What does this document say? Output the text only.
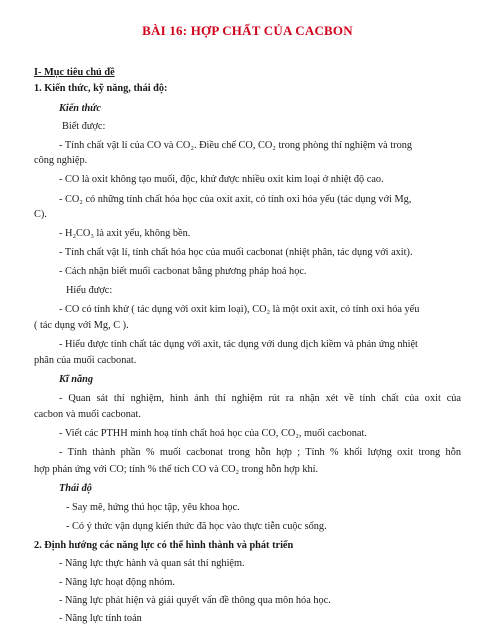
BÀI 16: HỢP CHẤT CỦA CACBON
I- Mục tiêu chủ đề
1. Kiến thức, kỹ năng, thái độ:
Kiến thức
Biết được:
- Tính chất vật lí của CO và CO₂. Điều chế CO, CO₂ trong phòng thí nghiệm và trong
công nghiệp.
- CO là oxit không tạo muối, độc, khử được nhiều oxit kim loại ở nhiệt độ cao.
- CO₂ có những tính chất hóa học của oxit axit, có tính oxi hóa yếu (tác dụng với Mg,
C).
- H₂CO₃ là axit yếu, không bền.
- Tính chất vật lí, tính chất hóa học của muối cacbonat (nhiệt phân, tác dụng với axit).
- Cách nhận biết muối cacbonat bằng phương pháp hoá học.
Hiểu được:
- CO có tính khử ( tác dụng với oxit kim loại), CO₂ là một oxit axit, có tính oxi hóa yếu
( tác dụng với Mg, C ).
- Hiểu được tính chất tác dụng với axit, tác dụng với dung dịch kiềm và phản ứng nhiệt
phân của muối cacbonat.
Kĩ năng
- Quan sát thí nghiệm, hình ảnh thí nghiệm rút ra nhận xét về tính chất của oxit của
cacbon và muối cacbonat.
- Viết các PTHH minh hoạ tính chất hoá học của CO, CO₂, muối cacbonat.
- Tính thành phần % muối cacbonat trong hỗn hợp ; Tính % khối lượng oxit trong hỗn
hợp phản ứng với CO; tính % thể tích CO và CO₂ trong hỗn hợp khí.
Thái độ
- Say mê, hứng thú học tập, yêu khoa học.
- Có ý thức vận dụng kiến thức đã học vào thực tiễn cuộc sống.
2. Định hướng các năng lực có thể hình thành và phát triển
- Năng lực thực hành và quan sát thí nghiệm.
- Năng lực hoạt động nhóm.
- Năng lực phát hiện và giải quyết vấn đề thông qua môn hóa học.
- Năng lực tính toán
